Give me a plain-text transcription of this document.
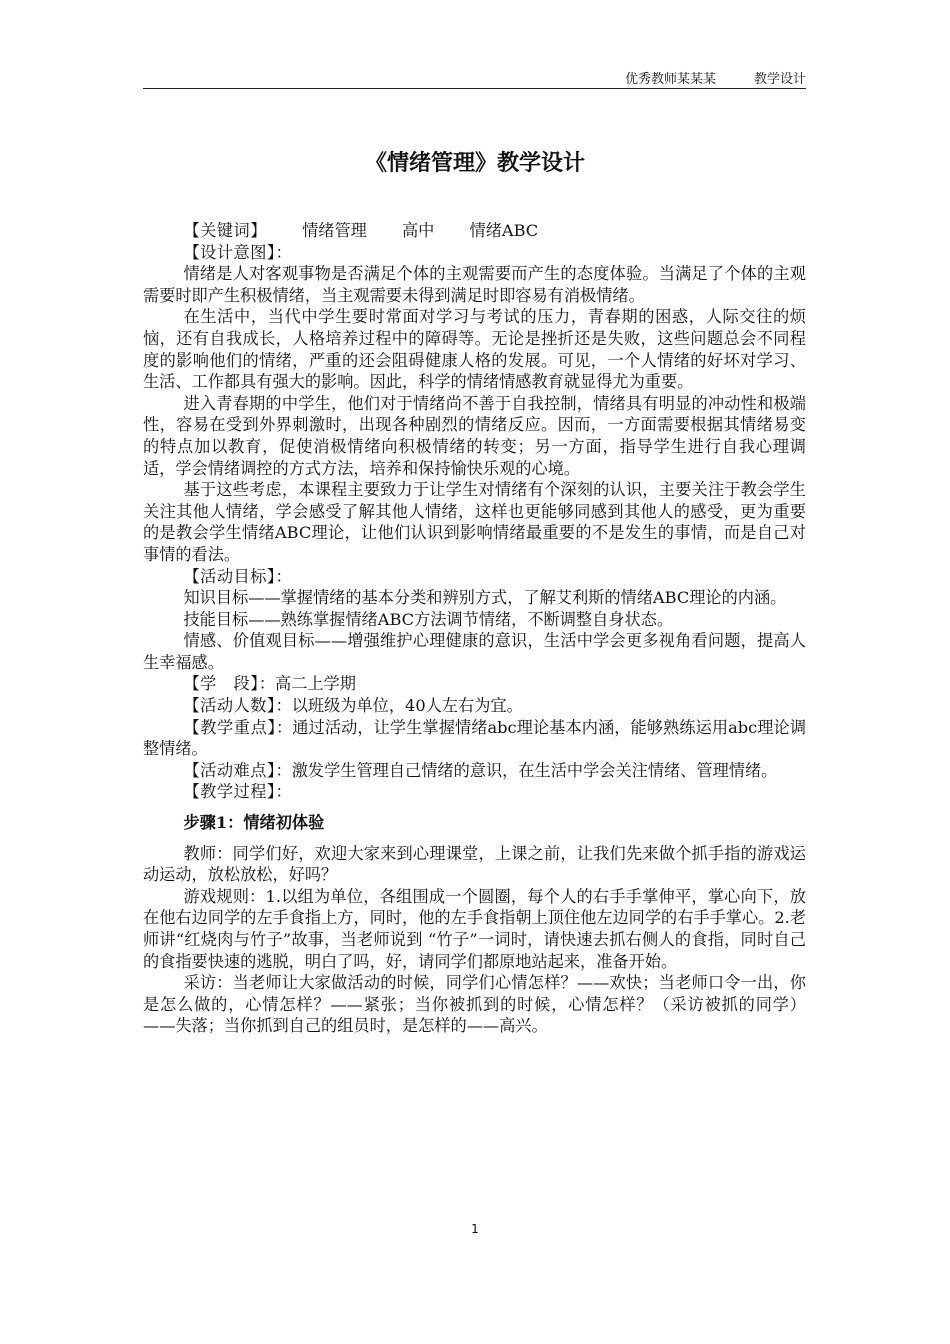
优秀教师某某某	教学设计
《情绪管理》教学设计

【关键词】 情绪管理 高中 情绪ABC

【设计意图】：

情绪是人对客观事物是否满足个体的主观需要而产生的态度体验。当满足了个体的主观需要时即产生积极情绪，当主观需要未得到满足时即容易有消极情绪。

在生活中，当代中学生要时常面对学习与考试的压力，青春期的困惑，人际交往的烦恼，还有自我成长，人格培养过程中的障碍等。无论是挫折还是失败，这些问题总会不同程度的影响他们的情绪，严重的还会阻碍健康人格的发展。可见，一个人情绪的好坏对学习、生活、工作都具有强大的影响。因此，科学的情绪情感教育就显得尤为重要。

进入青春期的中学生，他们对于情绪尚不善于自我控制，情绪具有明显的冲动性和极端性，容易在受到外界刺激时，出现各种剧烈的情绪反应。因而，一方面需要根据其情绪易变的特点加以教育，促使消极情绪向积极情绪的转变；另一方面，指导学生进行自我心理调适，学会情绪调控的方式方法，培养和保持愉快乐观的心境。

基于这些考虑，本课程主要致力于让学生对情绪有个深刻的认识，主要关注于教会学生关注其他人情绪，学会感受了解其他人情绪，这样也更能够同感到其他人的感受，更为重要的是教会学生情绪ABC理论，让他们认识到影响情绪最重要的不是发生的事情，而是自己对事情的看法。

【活动目标】：

知识目标——掌握情绪的基本分类和辨别方式，了解艾利斯的情绪ABC理论的内涵。

技能目标——熟练掌握情绪ABC方法调节情绪，不断调整自身状态。

情感、价值观目标——增强维护心理健康的意识，生活中学会更多视角看问题，提高人生幸福感。

【学　段】：高二上学期

【活动人数】：以班级为单位，40人左右为宜。

【教学重点】：通过活动，让学生掌握情绪abc理论基本内涵，能够熟练运用abc理论调整情绪。

【活动难点】：激发学生管理自己情绪的意识，在生活中学会关注情绪、管理情绪。

【教学过程】：

步骤1：情绪初体验

教师：同学们好，欢迎大家来到心理课堂，上课之前，让我们先来做个抓手指的游戏运动运动，放松放松，好吗？

游戏规则：1.以组为单位，各组围成一个圆圈，每个人的右手手掌伸平，掌心向下，放在他右边同学的左手食指上方，同时，他的左手食指朝上顶住他左边同学的右手手掌心。2.老师讲“红烧肉与竹子”故事，当老师说到 “竹子”一词时，请快速去抓右侧人的食指，同时自己的食指要快速的逃脱，明白了吗，好，请同学们都原地站起来，准备开始。

采访：当老师让大家做活动的时候，同学们心情怎样？——欢快；当老师口令一出，你是怎么做的，心情怎样？——紧张；当你被抓到的时候，心情怎样？（采访被抓的同学）——失落；当你抓到自己的组员时，是怎样的——高兴。

1
